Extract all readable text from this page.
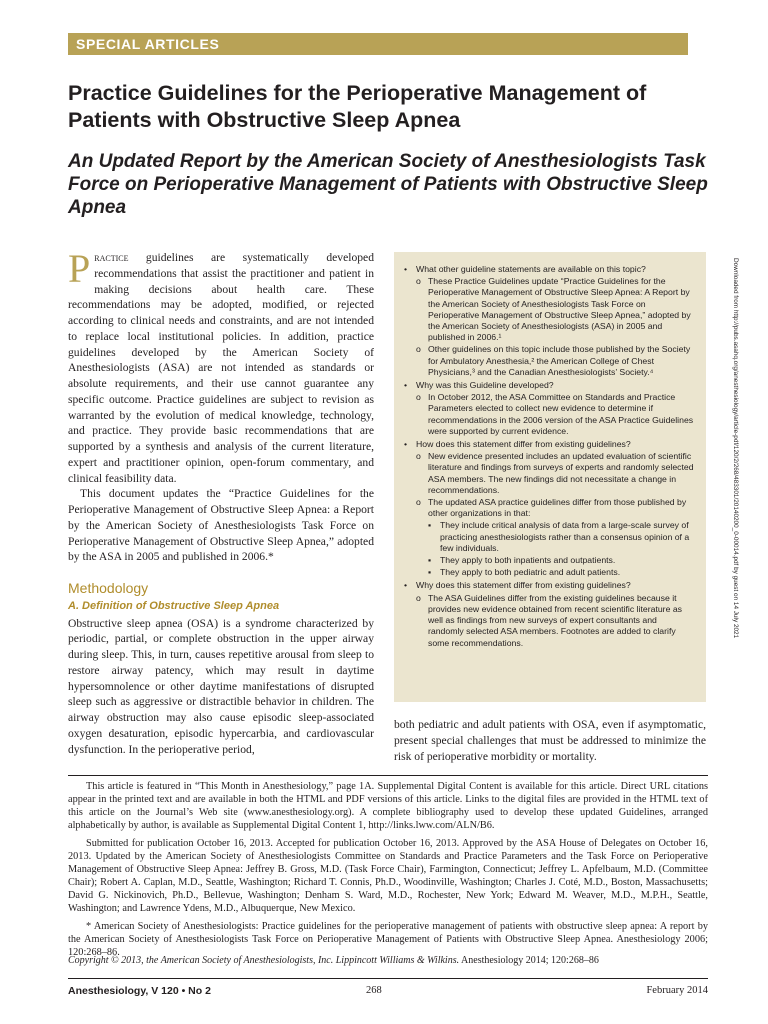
SPECIAL ARTICLES
Practice Guidelines for the Perioperative Management of Patients with Obstructive Sleep Apnea
An Updated Report by the American Society of Anesthesiologists Task Force on Perioperative Management of Patients with Obstructive Sleep Apnea

Practice guidelines are systematically developed recommendations that assist the practitioner and patient in making decisions about health care. These recommendations may be adopted, modified, or rejected according to clinical needs and constraints, and are not intended to replace local institutional policies. In addition, practice guidelines developed by the American Society of Anesthesiologists (ASA) are not intended as standards or absolute requirements, and their use cannot guarantee any specific outcome. Practice guidelines are subject to revision as warranted by the evolution of medical knowledge, technology, and practice. They provide basic recommendations that are supported by a synthesis and analysis of the current literature, expert and practitioner opinion, open-forum commentary, and clinical feasibility data.

This document updates the “Practice Guidelines for the Perioperative Management of Obstructive Sleep Apnea: a Report by the American Society of Anesthesiologists Task Force on Perioperative Management of Obstructive Sleep Apnea,” adopted by the ASA in 2005 and published in 2006.*

Methodology
A. Definition of Obstructive Sleep Apnea

Obstructive sleep apnea (OSA) is a syndrome characterized by periodic, partial, or complete obstruction in the upper airway during sleep. This, in turn, causes repetitive arousal from sleep to restore airway patency, which may result in daytime hypersomnolence or other daytime manifestations of disrupted sleep such as aggressive or distractible behavior in children. The airway obstruction may also cause episodic sleep-associated oxygen desaturation, episodic hypercarbia, and cardiovascular dysfunction. In the perioperative period,

• What other guideline statements are available on this topic?
o These Practice Guidelines update “Practice Guidelines for the Perioperative Management of Obstructive Sleep Apnea: A Report by the American Society of Anesthesiologists Task Force on Perioperative Management of Obstructive Sleep Apnea,” adopted by the American Society of Anesthesiologists (ASA) in 2005 and published in 2006.¹
o Other guidelines on this topic include those published by the Society for Ambulatory Anesthesia,² the American College of Chest Physicians,³ and the Canadian Anesthesiologists’ Society.⁴
• Why was this Guideline developed?
o In October 2012, the ASA Committee on Standards and Practice Parameters elected to collect new evidence to determine if recommendations in the 2006 version of the ASA Practice Guidelines were supported by current evidence.
• How does this statement differ from existing guidelines?
o New evidence presented includes an updated evaluation of scientific literature and findings from surveys of experts and randomly selected ASA members. The new findings did not necessitate a change in recommendations.
o The updated ASA practice guidelines differ from those published by other organizations in that:
▪ They include critical analysis of data from a large-scale survey of practicing anesthesiologists rather than a consensus opinion of a few individuals.
▪ They apply to both inpatients and outpatients.
▪ They apply to both pediatric and adult patients.
• Why does this statement differ from existing guidelines?
o The ASA Guidelines differ from the existing guidelines because it provides new evidence obtained from recent scientific literature as well as findings from new surveys of expert consultants and randomly selected ASA members. Footnotes are added to clarify some recommendations.

both pediatric and adult patients with OSA, even if asymptomatic, present special challenges that must be addressed to minimize the risk of perioperative morbidity or mortality.

Downloaded from http://pubs.asahq.org/anesthesiology/article-pdf/120/2/268/483301/20140200_0-00014.pdf by guest on 14 July 2021

This article is featured in “This Month in Anesthesiology,” page 1A. Supplemental Digital Content is available for this article. Direct URL citations appear in the printed text and are available in both the HTML and PDF versions of this article. Links to the digital files are provided in the HTML text of this article on the Journal’s Web site (www.anesthesiology.org). A complete bibliography used to develop these updated Guidelines, arranged alphabetically by author, is available as Supplemental Digital Content 1, http://links.lww.com/ALN/B6.

Submitted for publication October 16, 2013. Accepted for publication October 16, 2013. Approved by the ASA House of Delegates on October 16, 2013. Updated by the American Society of Anesthesiologists Committee on Standards and Practice Parameters and the Task Force on Perioperative Management of Obstructive Sleep Apnea: Jeffrey B. Gross, M.D. (Task Force Chair), Farmington, Connecticut; Jeffrey L. Apfelbaum, M.D. (Committee Chair); Robert A. Caplan, M.D., Seattle, Washington; Richard T. Connis, Ph.D., Woodinville, Washington; Charles J. Coté, M.D., Boston, Massachusetts; David G. Nickinovich, Ph.D., Bellevue, Washington; Denham S. Ward, M.D., Rochester, New York; Edward M. Weaver, M.D., M.P.H., Seattle, Washington; and Lawrence Ydens, M.D., Albuquerque, New Mexico.

* American Society of Anesthesiologists: Practice guidelines for the perioperative management of patients with obstructive sleep apnea: A report by the American Society of Anesthesiologists Task Force on Perioperative Management of Patients with Obstructive Sleep Apnea. Anesthesiology 2006; 120:268–86.

Copyright © 2013, the American Society of Anesthesiologists, Inc. Lippincott Williams & Wilkins. Anesthesiology 2014; 120:268–86
Anesthesiology, V 120 • No 2	268	February 2014
